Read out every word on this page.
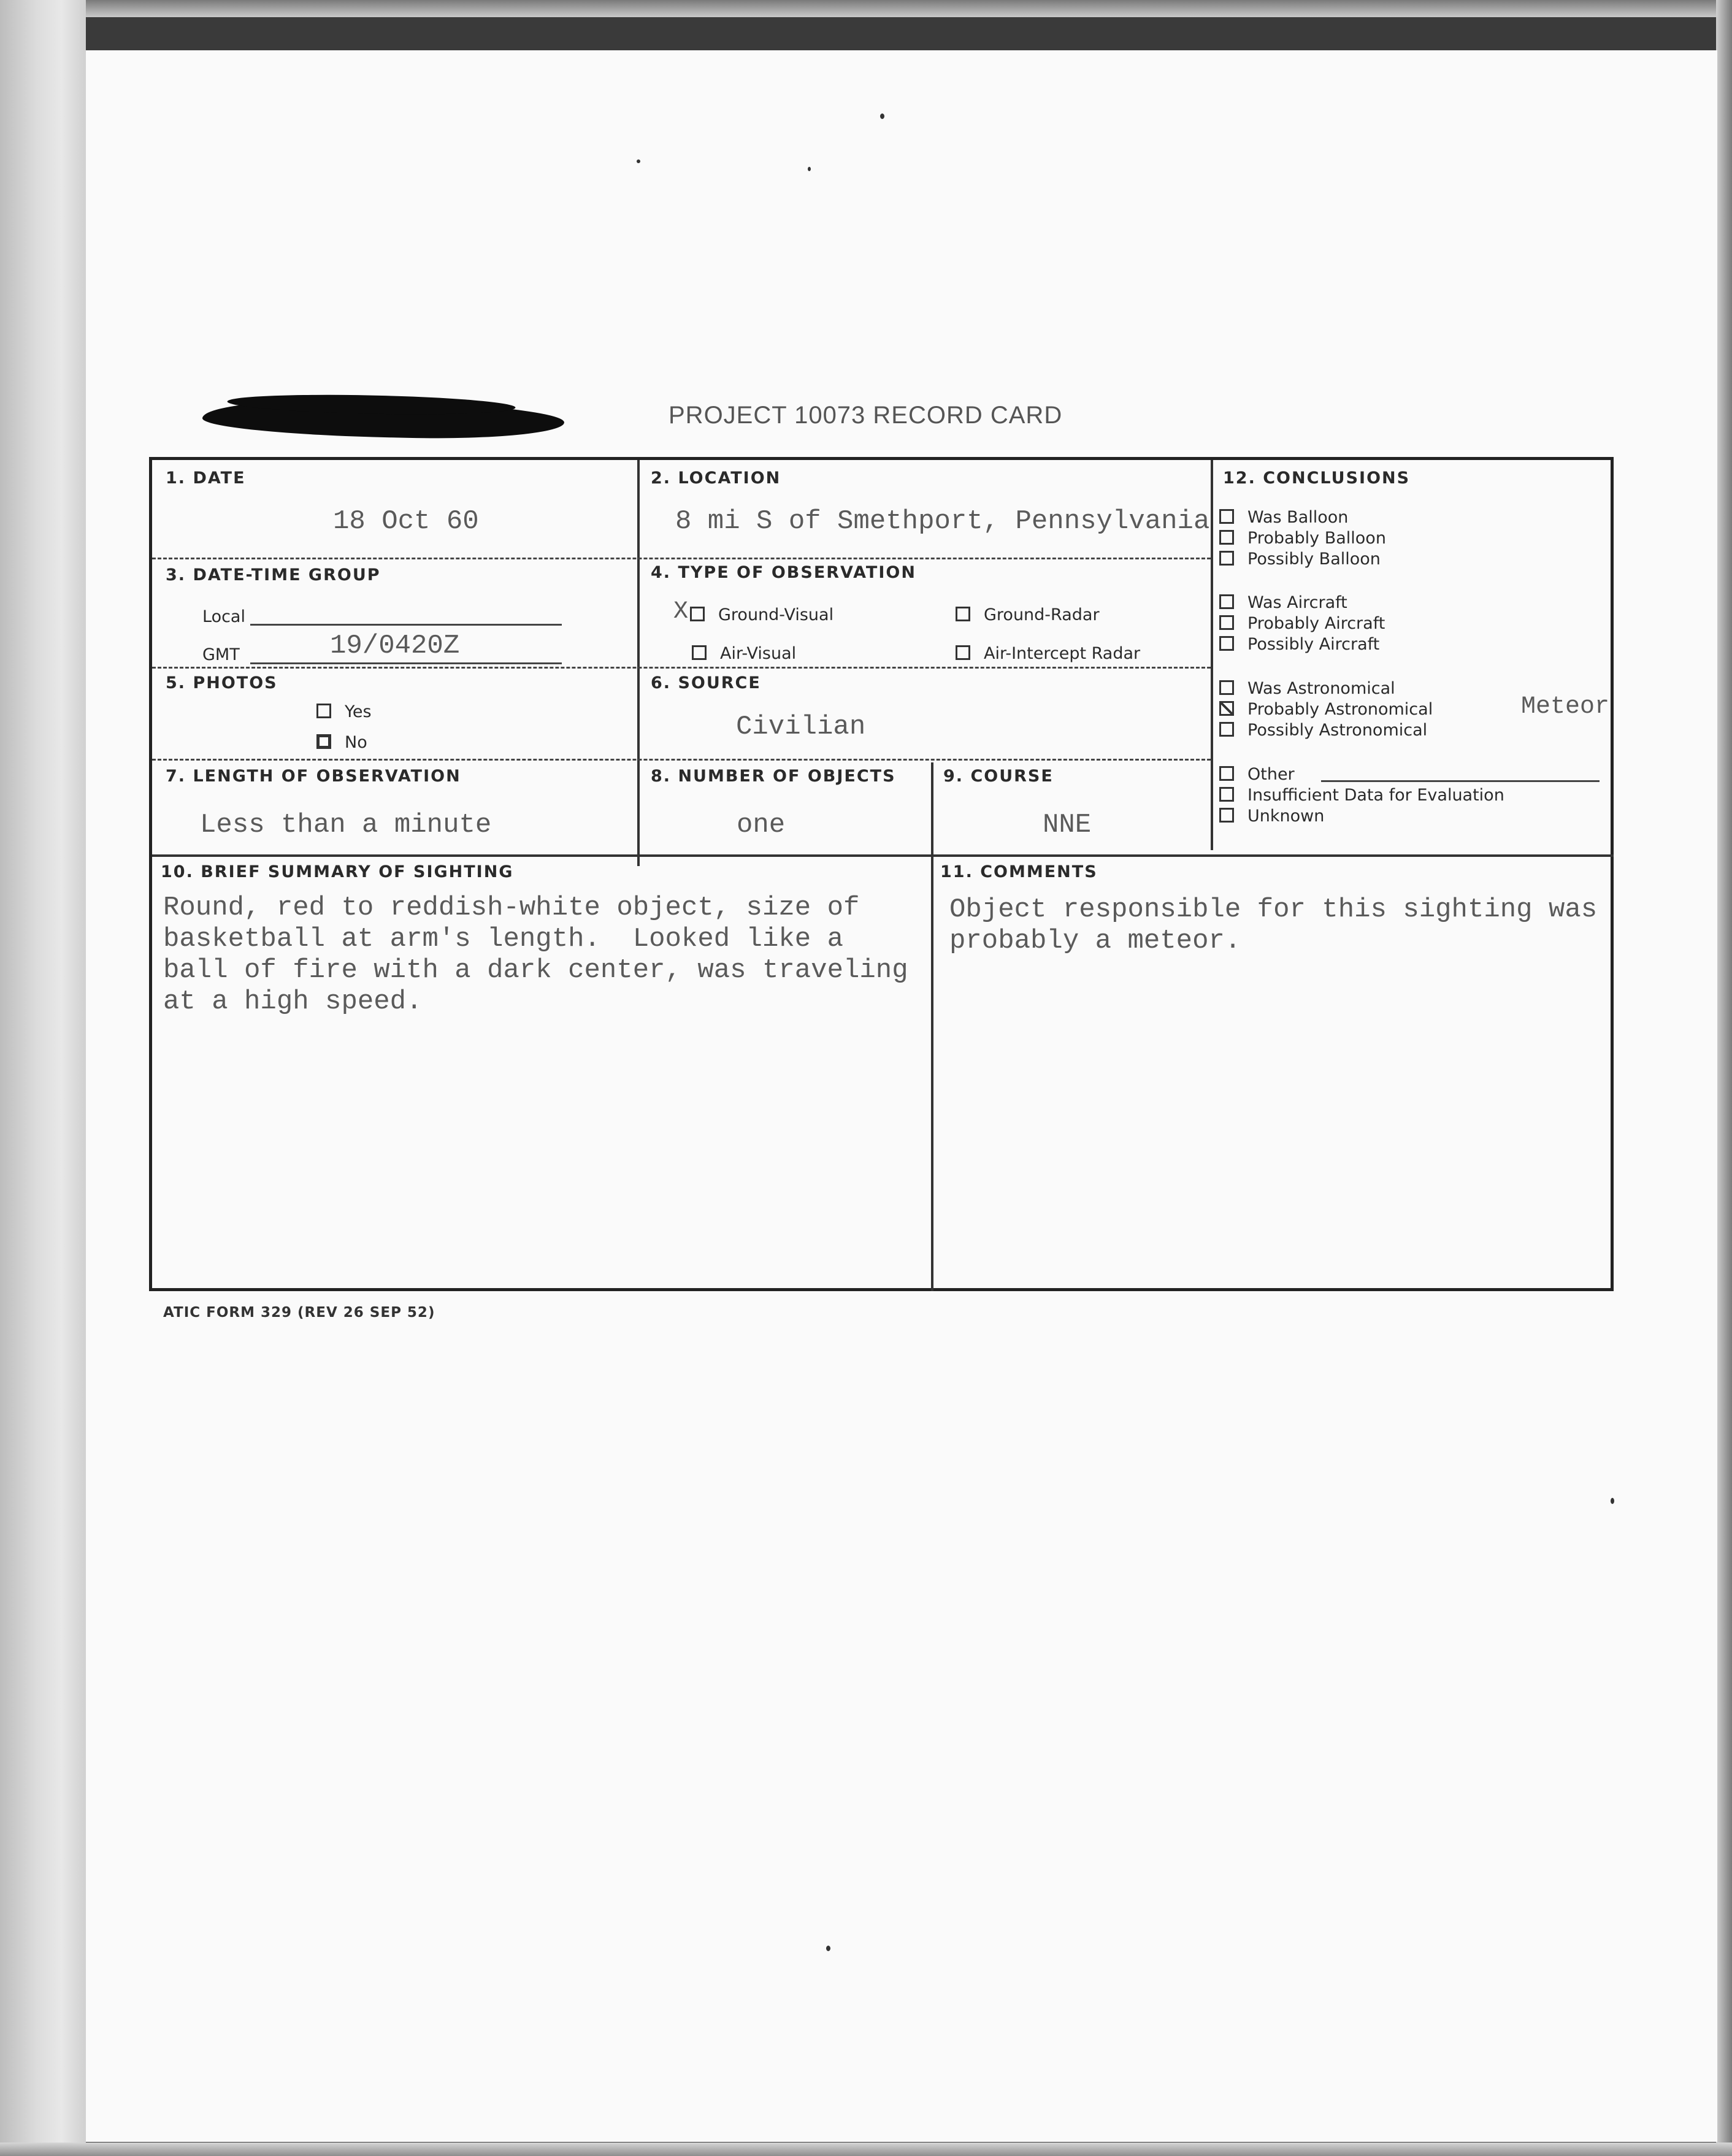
PROJECT 10073 RECORD CARD
1. DATE
18 Oct 60
2. LOCATION
8 mi S of Smethport, Pennsylvania
3. DATE-TIME GROUP
Local
GMT	19/0420Z
4. TYPE OF OBSERVATION
X	Ground-Visual	Ground-Radar
Air-Visual	Air-Intercept Radar
5. PHOTOS
Yes
No
6. SOURCE
Civilian
7. LENGTH OF OBSERVATION
Less than a minute
8. NUMBER OF OBJECTS
one
9. COURSE
NNE
10. BRIEF SUMMARY OF SIGHTING
Round, red to reddish-white object, size of
basketball at arm's length.  Looked like a
ball of fire with a dark center, was traveling
at a high speed.
11. COMMENTS
Object responsible for this sighting was
probably a meteor.
12. CONCLUSIONS
Was Balloon
Probably Balloon
Possibly Balloon
Was Aircraft
Probably Aircraft
Possibly Aircraft
Was Astronomical
Probably Astronomical	Meteor
Possibly Astronomical
Other
Insufficient Data for Evaluation
Unknown
ATIC FORM 329 (REV 26 SEP 52)
